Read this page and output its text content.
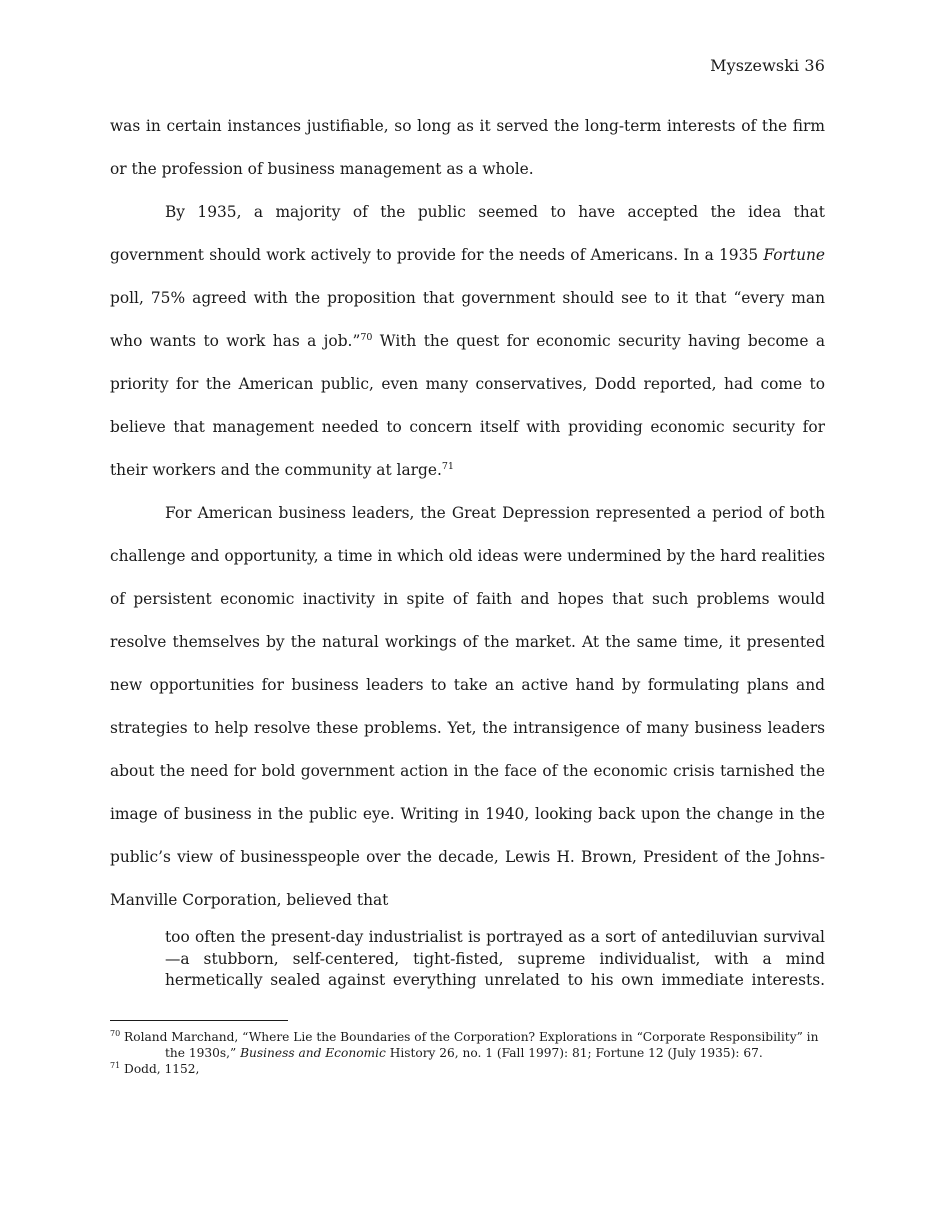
Myszewski 36

was in certain instances justifiable, so long as it served the long-term interests of the firm or the profession of business management as a whole.

By 1935, a majority of the public seemed to have accepted the idea that government should work actively to provide for the needs of Americans. In a 1935 Fortune poll, 75% agreed with the proposition that government should see to it that “every man who wants to work has a job.”$^{70}$ With the quest for economic security having become a priority for the American public, even many conservatives, Dodd reported, had come to believe that management needed to concern itself with providing economic security for their workers and the community at large.$^{71}$

For American business leaders, the Great Depression represented a period of both challenge and opportunity, a time in which old ideas were undermined by the hard realities of persistent economic inactivity in spite of faith and hopes that such problems would resolve themselves by the natural workings of the market. At the same time, it presented new opportunities for business leaders to take an active hand by formulating plans and strategies to help resolve these problems. Yet, the intransigence of many business leaders about the need for bold government action in the face of the economic crisis tarnished the image of business in the public eye. Writing in 1940, looking back upon the change in the public’s view of businesspeople over the decade, Lewis H. Brown, President of the Johns-Manville Corporation, believed that

too often the present-day industrialist is portrayed as a sort of antediluvian survival—a stubborn, self-centered, tight-fisted, supreme individualist, with a mind hermetically sealed against everything unrelated to his own immediate interests.

$^{70}$ Roland Marchand, “Where Lie the Boundaries of the Corporation? Explorations in “Corporate Responsibility” in the 1930s,” Business and Economic History 26, no. 1 (Fall 1997): 81; Fortune 12 (July 1935): 67.

$^{71}$ Dodd, 1152,
